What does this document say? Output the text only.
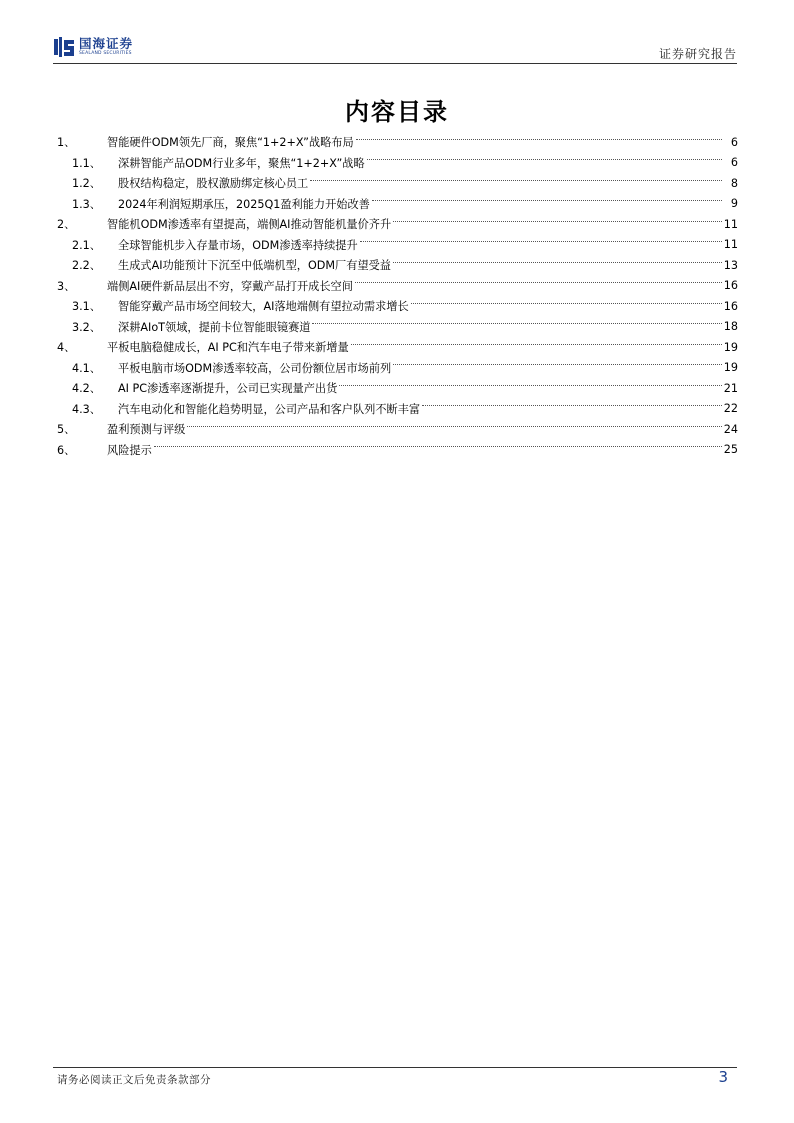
国海证券
SEALAND SECURITIES	证券研究报告
内容目录
1、	智能硬件ODM领先厂商，聚焦“1+2+X”战略布局	6
1.1、	深耕智能产品ODM行业多年，聚焦“1+2+X”战略	6
1.2、	股权结构稳定，股权激励绑定核心员工	8
1.3、	2024年利润短期承压，2025Q1盈利能力开始改善	9
2、	智能机ODM渗透率有望提高，端侧AI推动智能机量价齐升	11
2.1、	全球智能机步入存量市场，ODM渗透率持续提升	11
2.2、	生成式AI功能预计下沉至中低端机型，ODM厂有望受益	13
3、	端侧AI硬件新品层出不穷，穿戴产品打开成长空间	16
3.1、	智能穿戴产品市场空间较大，AI落地端侧有望拉动需求增长	16
3.2、	深耕AIoT领域，提前卡位智能眼镜赛道	18
4、	平板电脑稳健成长，AI PC和汽车电子带来新增量	19
4.1、	平板电脑市场ODM渗透率较高，公司份额位居市场前列	19
4.2、	AI PC渗透率逐渐提升，公司已实现量产出货	21
4.3、	汽车电动化和智能化趋势明显，公司产品和客户队列不断丰富	22
5、	盈利预测与评级	24
6、	风险提示	25
请务必阅读正文后免责条款部分	3
